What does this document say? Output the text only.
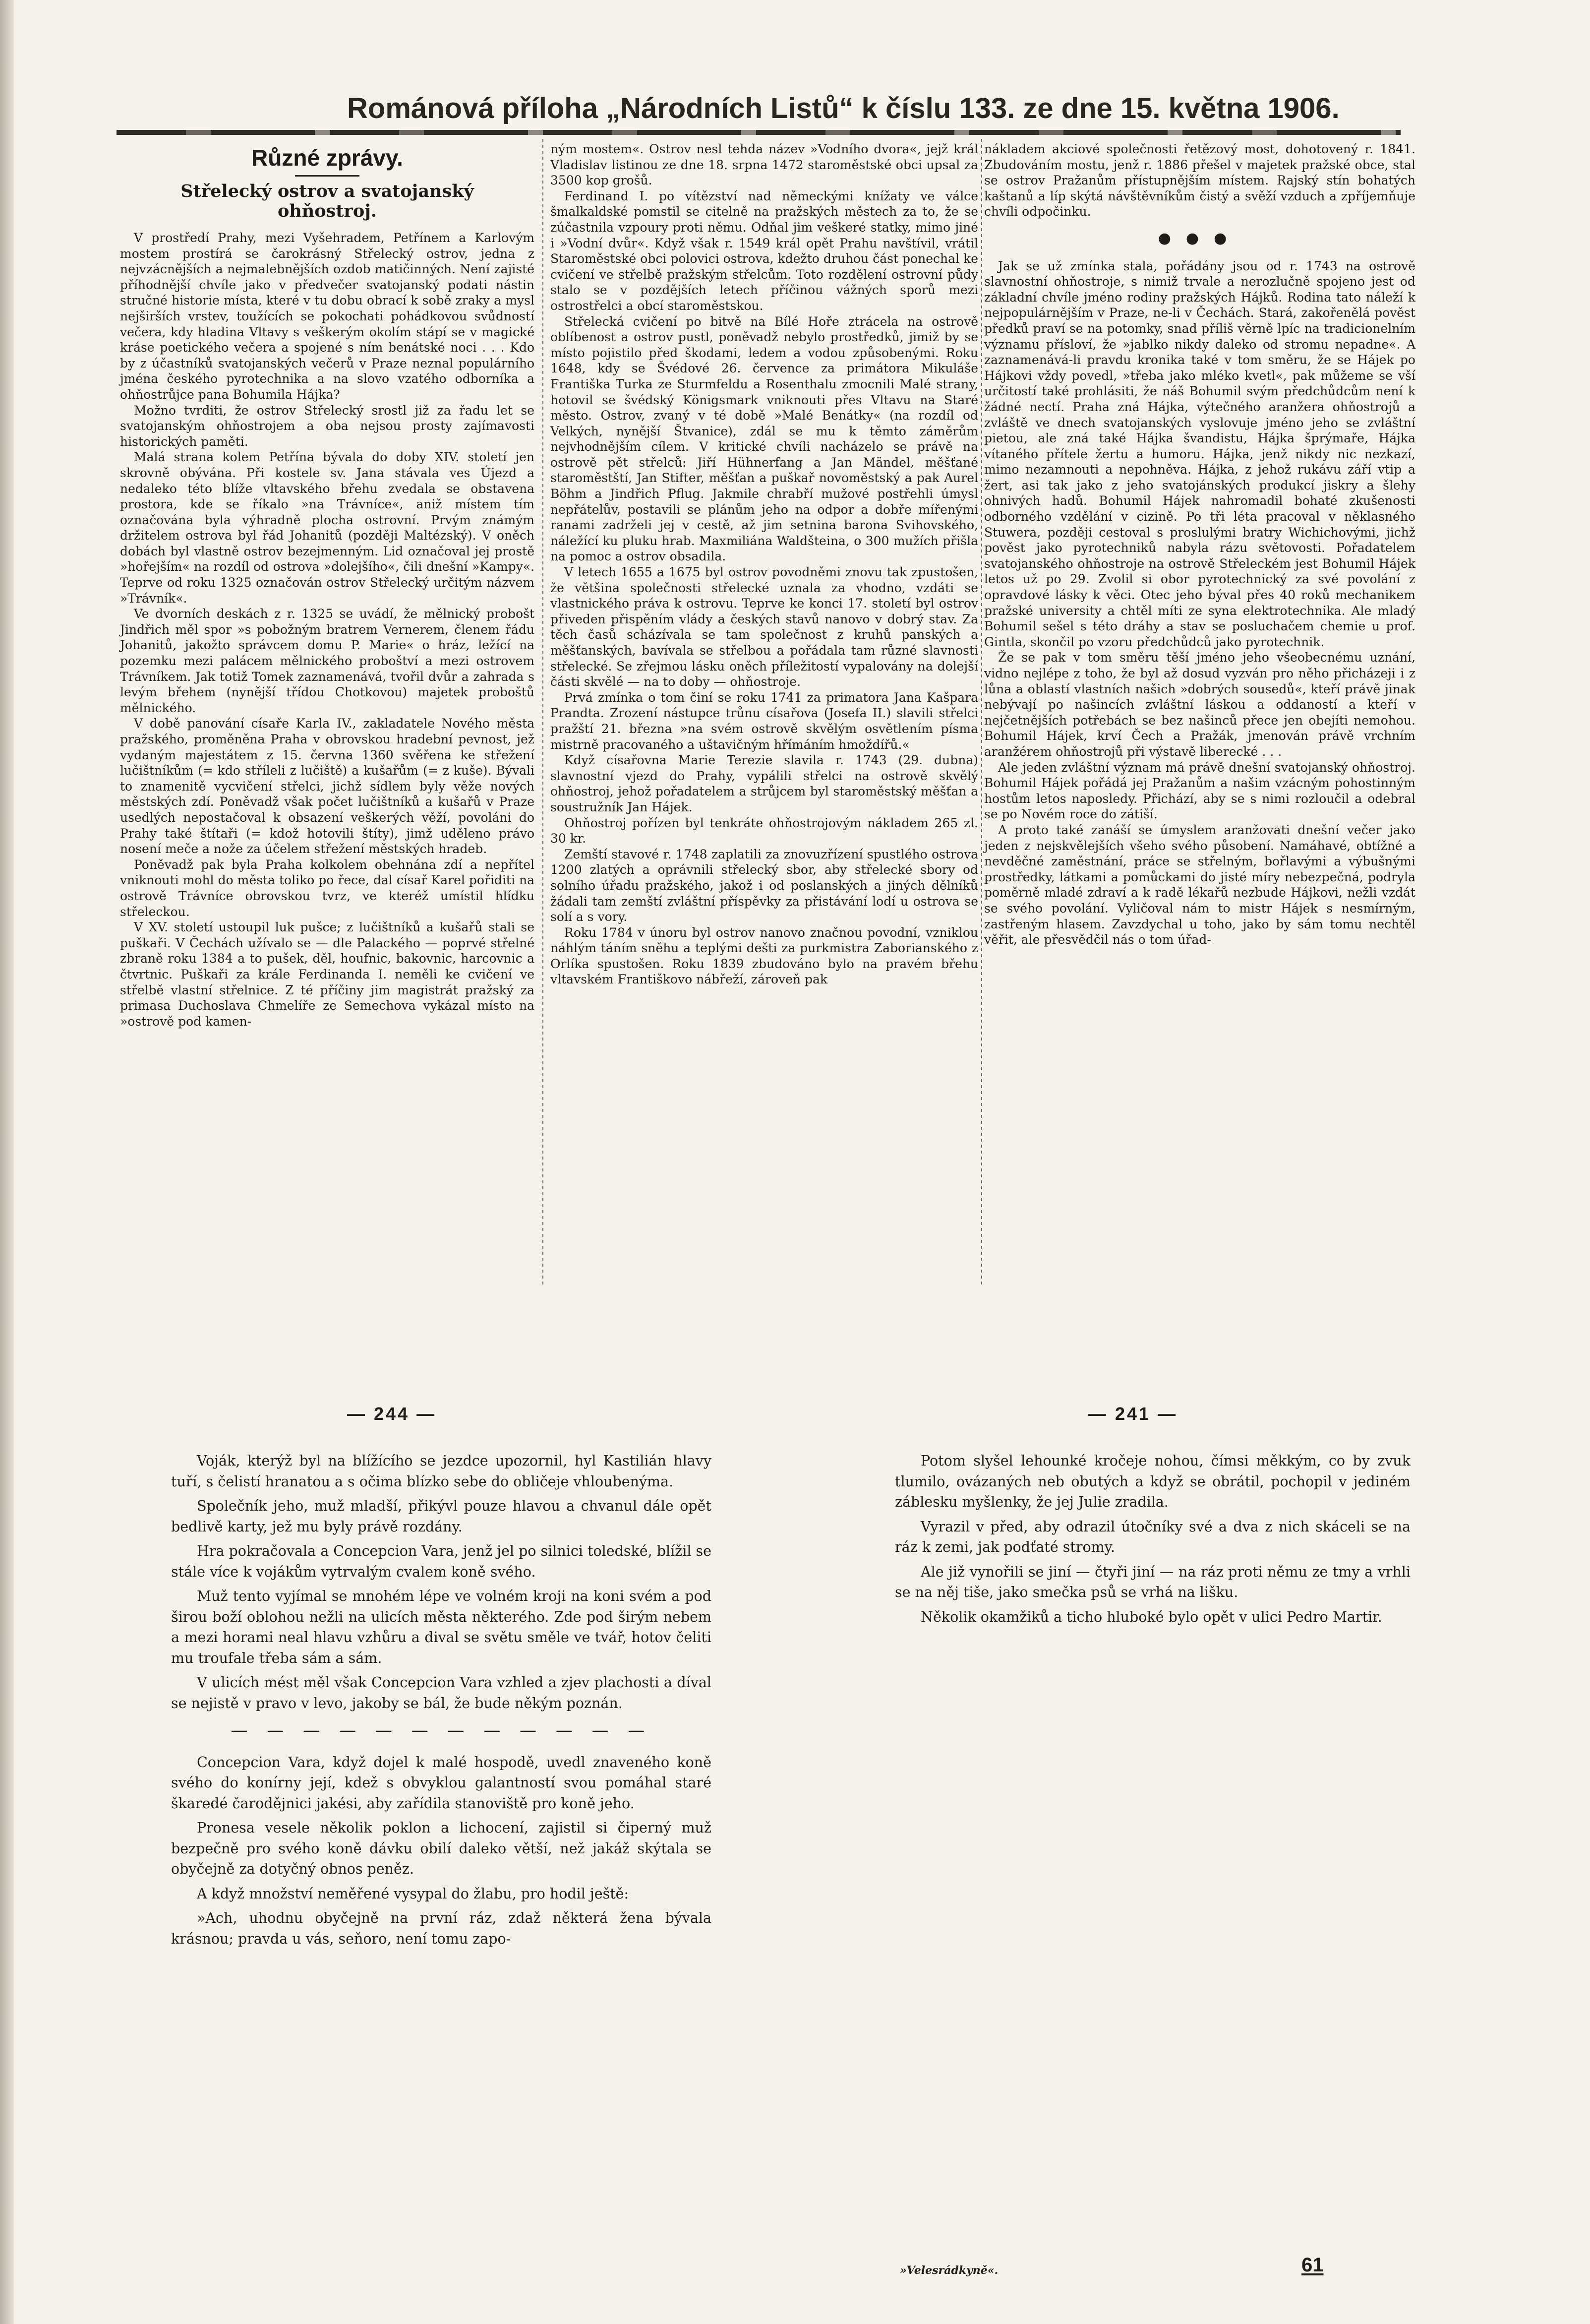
Románová příloha „Národních Listů“ k číslu 133. ze dne 15. května 1906.
Různé zprávy.
Střelecký ostrov a svatojanský ohňostroj.

V prostředí Prahy, mezi Vyšehradem, Petřínem a Karlovým mostem prostírá se čarokrásný Střelecký ostrov, jedna z nejvzácnějších a nejmalebnějších ozdob matičinných. Není zajisté příhodnější chvíle jako v předvečer svatojanský podati nástin stručné historie místa, které v tu dobu obrací k sobě zraky a mysl nejširších vrstev, toužících se pokochati pohádkovou svůdností večera, kdy hladina Vltavy s veškerým okolím stápí se v magické kráse poetického večera a spojené s ním benátské noci . . . Kdo by z účastníků svatojanských večerů v Praze neznal populárního jména českého pyrotechnika a na slovo vzatého odborníka a ohňostrůjce pana Bohumila Hájka?

Možno tvrditi, že ostrov Střelecký srostl již za řadu let se svatojanským ohňostrojem a oba nejsou prosty zajímavosti historických paměti.

Malá strana kolem Petřína bývala do doby XIV. století jen skrovně obývána. Při kostele sv. Jana stávala ves Újezd a nedaleko této blíže vltavského břehu zvedala se obstavena prostora, kde se říkalo »na Trávníce«, aniž místem tím označována byla výhradně plocha ostrovní. Prvým známým držitelem ostrova byl řád Johanitů (později Maltézský). V oněch dobách byl vlastně ostrov bezejmenným. Lid označoval jej prostě »hořejším« na rozdíl od ostrova »dolejšího«, čili dnešní »Kampy«. Teprve od roku 1325 označován ostrov Střelecký určitým názvem »Trávník«.

Ve dvorních deskách z r. 1325 se uvádí, že mělnický probošt Jindřich měl spor »s pobožným bratrem Vernerem, členem řádu Johanitů, jakožto správcem domu P. Marie« o hráz, ležící na pozemku mezi palácem mělnického proboštví a mezi ostrovem Trávníkem. Jak totiž Tomek zaznamenává, tvořil dvůr a zahrada s levým břehem (nynější třídou Chotkovou) majetek proboštů mělnického.

V době panování císaře Karla IV., zakladatele Nového města pražského, proměněna Praha v obrovskou hradební pevnost, jež vydaným majestátem z 15. června 1360 svěřena ke střežení lučištníkům (= kdo stříleli z lučiště) a kušařům (= z kuše). Bývali to znamenitě vycvičení střelci, jichž sídlem byly věže nových městských zdí. Poněvadž však počet lučištníků a kušařů v Praze usedlých nepostačoval k obsazení veškerých věží, povoláni do Prahy také štítaři (= kdož hotovili štíty), jimž uděleno právo nosení meče a nože za účelem střežení městských hradeb.

Poněvadž pak byla Praha kolkolem obehnána zdí a nepřítel vniknouti mohl do města toliko po řece, dal císař Karel pořiditi na ostrově Trávníce obrovskou tvrz, ve kteréž umístil hlídku střeleckou.

V XV. století ustoupil luk pušce; z lučištníků a kušařů stali se puškaři. V Čechách užívalo se — dle Palackého — poprvé střelné zbraně roku 1384 a to pušek, děl, houfnic, bakovnic, harcovnic a čtvrtnic. Puškaři za krále Ferdinanda I. neměli ke cvičení ve střelbě vlastní střelnice. Z té příčiny jim magistrát pražský za primasa Duchoslava Chmelíře ze Semechova vykázal místo na »ostrově pod kamen-

ným mostem«. Ostrov nesl tehda název »Vodního dvora«, jejž král Vladislav listinou ze dne 18. srpna 1472 staroměstské obci upsal za 3500 kop grošů.

Ferdinand I. po vítězství nad německými knížaty ve válce šmalkaldské pomstil se citelně na pražských městech za to, že se zúčastnila vzpoury proti němu. Odňal jim veškeré statky, mimo jiné i »Vodní dvůr«. Když však r. 1549 král opět Prahu navštívil, vrátil Staroměstské obci polovici ostrova, kdežto druhou část ponechal ke cvičení ve střelbě pražským střelcům. Toto rozdělení ostrovní půdy stalo se v pozdějších letech příčinou vážných sporů mezi ostrostřelci a obcí staroměstskou.

Střelecká cvičení po bitvě na Bílé Hoře ztrácela na ostrově oblíbenost a ostrov pustl, poněvadž nebylo prostředků, jimiž by se místo pojistilo před škodami, ledem a vodou způsobenými. Roku 1648, kdy se Švédové 26. července za primátora Mikuláše Františka Turka ze Sturmfeldu a Rosenthalu zmocnili Malé strany, hotovil se švédský Königsmark vniknouti přes Vltavu na Staré město. Ostrov, zvaný v té době »Malé Benátky« (na rozdíl od Velkých, nynější Štvanice), zdál se mu k těmto záměrům nejvhodnějším cílem. V kritické chvíli nacházelo se právě na ostrově pět střelců: Jiří Hühnerfang a Jan Mändel, měšťané staroměstští, Jan Stifter, měšťan a puškař novoměstský a pak Aurel Böhm a Jindřich Pflug. Jakmile chrabří mužové postřehli úmysl nepřátelův, postavili se plánům jeho na odpor a dobře mířenými ranami zadrželi jej v cestě, až jim setnina barona Svihovského, náležící ku pluku hrab. Maxmiliána Waldšteina, o 300 mužích přišla na pomoc a ostrov obsadila.

V letech 1655 a 1675 byl ostrov povodněmi znovu tak zpustošen, že většina společnosti střelecké uznala za vhodno, vzdáti se vlastnického práva k ostrovu. Teprve ke konci 17. století byl ostrov přiveden přispěním vlády a českých stavů nanovo v dobrý stav. Za těch časů scházívala se tam společnost z kruhů panských a měšťanských, bavívala se střelbou a pořádala tam různé slavnosti střelecké. Se zřejmou lásku oněch příležitostí vypalovány na dolejší části skvělé — na to doby — ohňostroje.

Prvá zmínka o tom činí se roku 1741 za primatora Jana Kašpara Prandta. Zrození nástupce trůnu císařova (Josefa II.) slavili střelci pražští 21. března »na svém ostrově skvělým osvětlením písma mistrně pracovaného a uštavičným hřímáním hmoždířů.«

Když císařovna Marie Terezie slavila r. 1743 (29. dubna) slavnostní vjezd do Prahy, vypálili střelci na ostrově skvělý ohňostroj, jehož pořadatelem a strůjcem byl staroměstský měšťan a soustružník Jan Hájek.

Ohňostroj pořízen byl tenkráte ohňostrojovým nákladem 265 zl. 30 kr.

Zemští stavové r. 1748 zaplatili za znovuzřízení spustlého ostrova 1200 zlatých a oprávnili střelecký sbor, aby střelecké sbory od solního úřadu pražského, jakož i od poslanských a jiných dělníků žádali tam zemští zvláštní příspěvky za přistávání lodí u ostrova se solí a s vory.

Roku 1784 v únoru byl ostrov nanovo značnou povodní, vzniklou náhlým táním sněhu a teplými dešti za purkmistra Zaborianského z Orlíka spustošen. Roku 1839 zbudováno bylo na pravém břehu vltavském Františkovo nábřeží, zároveň pak

nákladem akciové společnosti řetězový most, dohotovený r. 1841. Zbudováním mostu, jenž r. 1886 přešel v majetek pražské obce, stal se ostrov Pražanům přístupnějším místem. Rajský stín bohatých kaštanů a líp skýtá návštěvníkům čistý a svěží vzduch a zpříjemňuje chvíli odpočinku.

●●●

Jak se už zmínka stala, pořádány jsou od r. 1743 na ostrově slavnostní ohňostroje, s nimiž trvale a nerozlučně spojeno jest od základní chvíle jméno rodiny pražských Hájků. Rodina tato náleží k nejpopulárnějším v Praze, ne-li v Čechách. Stará, zakořenělá pověst předků praví se na potomky, snad příliš věrně lpíc na tradicionelním významu přísloví, že »jablko nikdy daleko od stromu nepadne«. A zaznamenává-li pravdu kronika také v tom směru, že se Hájek po Hájkovi vždy povedl, »třeba jako mléko kvetl«, pak můžeme se vší určitostí také prohlásiti, že náš Bohumil svým předchůdcům není k žádné nectí. Praha zná Hájka, výtečného aranžera ohňostrojů a zvláště ve dnech svatojanských vyslovuje jméno jeho se zvláštní pietou, ale zná také Hájka švandistu, Hájka šprýmaře, Hájka vítaného přítele žertu a humoru. Hájka, jenž nikdy nic nezkazí, mimo nezamnouti a nepohněva. Hájka, z jehož rukávu září vtip a žert, asi tak jako z jeho svatojánských produkcí jiskry a šlehy ohnivých hadů. Bohumil Hájek nahromadil bohaté zkušenosti odborného vzdělání v cizině. Po tři léta pracoval v něklasného Stuwera, později cestoval s proslulými bratry Wichichovými, jichž pověst jako pyrotechniků nabyla rázu světovosti. Pořadatelem svatojanského ohňostroje na ostrově Střeleckém jest Bohumil Hájek letos už po 29. Zvolil si obor pyrotechnický za své povolání z opravdové lásky k věci. Otec jeho býval přes 40 roků mechanikem pražské university a chtěl míti ze syna elektrotechnika. Ale mladý Bohumil sešel s této dráhy a stav se posluchačem chemie u prof. Gintla, skončil po vzoru předchůdců jako pyrotechnik.

Že se pak v tom směru těší jméno jeho všeobecnému uznání, vidno nejlépe z toho, že byl až dosud vyzván pro něho přicházeji i z lůna a oblastí vlastních našich »dobrých sousedů«, kteří právě jinak nebývají po našincích zvláštní láskou a oddaností a kteří v nejčetnějších potřebách se bez našinců přece jen obejíti nemohou. Bohumil Hájek, krví Čech a Pražák, jmenován právě vrchním aranžérem ohňostrojů při výstavě liberecké . . .

Ale jeden zvláštní význam má právě dnešní svatojanský ohňostroj. Bohumil Hájek pořádá jej Pražanům a našim vzácným pohostinným hostům letos naposledy. Přichází, aby se s nimi rozloučil a odebral se po Novém roce do zátiší.

A proto také zanáší se úmyslem aranžovati dnešní večer jako jeden z nejskvělejších všeho svého působení. Namáhavé, obtížné a nevděčné zaměstnání, práce se střelným, bořlavými a výbušnými prostředky, látkami a pomůckami do jisté míry nebezpečná, podryla poměrně mladé zdraví a k radě lékařů nezbude Hájkovi, nežli vzdát se svého povolání. Vyličoval nám to mistr Hájek s nesmírným, zastřeným hlasem. Zavzdychal u toho, jako by sám tomu nechtěl věřit, ale přesvědčil nás o tom úřad-

— 244 —	— 241 —

Voják, kterýž byl na blížícího se jezdce upozornil, hyl Kastilián hlavy tuří, s čelistí hranatou a s očima blízko sebe do obličeje vhloubenýma.

Společník jeho, muž mladší, přikývl pouze hlavou a chvanul dále opět bedlivě karty, jež mu byly právě rozdány.

Hra pokračovala a Concepcion Vara, jenž jel po silnici toledské, blížil se stále více k vojákům vytrvalým cvalem koně svého.

Muž tento vyjímal se mnohém lépe ve volném kroji na koni svém a pod širou boží oblohou nežli na ulicích města některého. Zde pod širým nebem a mezi horami neal hlavu vzhůru a dival se světu směle ve tvář, hotov čeliti mu troufale třeba sám a sám.

V ulicích mést měl však Concepcion Vara vzhled a zjev plachosti a díval se nejistě v pravo v levo, jakoby se bál, že bude někým poznán.

— — — — — — — — — — — —

Concepcion Vara, když dojel k malé hospodě, uvedl znaveného koně svého do konírny její, kdež s obvyklou galantností svou pomáhal staré škaredé čarodějnici jakési, aby zařídila stanoviště pro koně jeho.

Pronesa vesele několik poklon a lichocení, zajistil si čiperný muž bezpečně pro svého koně dávku obilí daleko větší, než jakáž skýtala se obyčejně za dotyčný obnos peněz.

A když množství neměřené vysypal do žlabu, pro hodil ještě:

»Ach, uhodnu obyčejně na první ráz, zdaž některá žena bývala krásnou; pravda u vás, seňoro, není tomu zapo-

Potom slyšel lehounké kročeje nohou, čímsi měkkým, co by zvuk tlumilo, ovázaných neb obutých a když se obrátil, pochopil v jediném záblesku myšlenky, že jej Julie zradila.

Vyrazil v před, aby odrazil útočníky své a dva z nich skáceli se na ráz k zemi, jak podťaté stromy.

Ale již vynořili se jiní — čtyři jiní — na ráz proti němu ze tmy a vrhli se na něj tiše, jako smečka psů se vrhá na lišku.

Několik okamžiků a ticho hluboké bylo opět v ulici Pedro Martir.

»Velesrádkyně«.	61
